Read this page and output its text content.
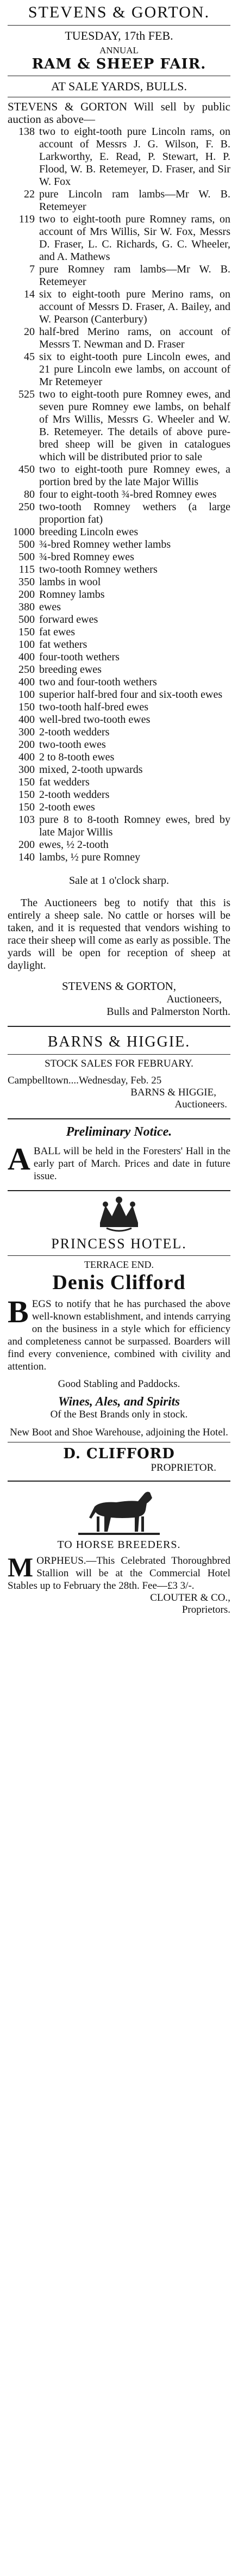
STEVENS & GORTON.
TUESDAY, 17th FEB.
ANNUAL
RAM & SHEEP FAIR.
AT SALE YARDS, BULLS.
STEVENS & GORTON Will sell by public auction as above—
138 two to eight-tooth pure Lincoln rams, on account of Messrs J. G. Wilson, F. B. Larkworthy, E. Read, P. Stewart, H. P. Flood, W. B. Retemeyer, D. Fraser, and Sir W. Fox
22 pure Lincoln ram lambs—Mr W. B. Retemeyer
119 two to eight-tooth pure Romney rams, on account of Mrs Willis, Sir W. Fox, Messrs D. Fraser, L. C. Richards, G. C. Wheeler, and A. Mathews
7 pure Romney ram lambs—Mr W. B. Retemeyer
14 six to eight-tooth pure Merino rams, on account of Messrs D. Fraser, A. Bailey, and W. Pearson (Canterbury)
20 half-bred Merino rams, on account of Messrs T. Newman and D. Fraser
45 six to eight-tooth pure Lincoln ewes, and 21 pure Lincoln ewe lambs, on account of Mr Retemeyer
525 two to eight-tooth pure Romney ewes, and seven pure Romney ewe lambs, on behalf of Mrs Willis, Messrs G. Wheeler and W. B. Retemeyer. The details of above pure-bred sheep will be given in catalogues which will be distributed prior to sale
450 two to eight-tooth pure Romney ewes, a portion bred by the late Major Willis
80 four to eight-tooth ¾-bred Romney ewes
250 two-tooth Romney wethers (a large proportion fat)
1000 breeding Lincoln ewes
500 ¾-bred Romney wether lambs
500 ¾-bred Romney ewes
115 two-tooth Romney wethers
350 lambs in wool
200 Romney lambs
380 ewes
500 forward ewes
150 fat ewes
100 fat wethers
400 four-tooth wethers
250 breeding ewes
400 two and four-tooth wethers
100 superior half-bred four and six-tooth ewes
150 two-tooth half-bred ewes
400 well-bred two-tooth ewes
300 2-tooth wedders
200 two-tooth ewes
400 2 to 8-tooth ewes
300 mixed, 2-tooth upwards
150 fat wedders
150 2-tooth wedders
150 2-tooth ewes
103 pure 8 to 8-tooth Romney ewes, bred by late Major Willis
200 ewes, ½ 2-tooth
140 lambs, ½ pure Romney
Sale at 1 o'clock sharp.
The Auctioneers beg to notify that this is entirely a sheep sale. No cattle or horses will be taken, and it is requested that vendors wishing to race their sheep will come as early as possible. The yards will be open for reception of sheep at daylight.
STEVENS & GORTON,
Auctioneers,
Bulls and Palmerston North.
BARNS & HIGGIE.
STOCK SALES FOR FEBRUARY.
Campbelltown....Wednesday, Feb. 25
BARNS & HIGGIE,
Auctioneers.
Preliminary Notice.
A BALL will be held in the Foresters' Hall in the early part of March. Prices and date in future issue.
PRINCESS HOTEL.
TERRACE END.
Denis Clifford
B EGS to notify that he has purchased the above well-known establishment, and intends carrying on the business in a style which for efficiency and completeness cannot be surpassed. Boarders will find every convenience, combined with civility and attention.
Good Stabling and Paddocks.
Wines, Ales, and Spirits
Of the Best Brands only in stock.
New Boot and Shoe Warehouse, adjoining the Hotel.
D. CLIFFORD
PROPRIETOR.
TO HORSE BREEDERS.
M ORPHEUS.—This Celebrated Thoroughbred Stallion will be at the Commercial Hotel Stables up to February the 28th. Fee—£3 3/-.
CLOUTER & CO.,
Proprietors.
